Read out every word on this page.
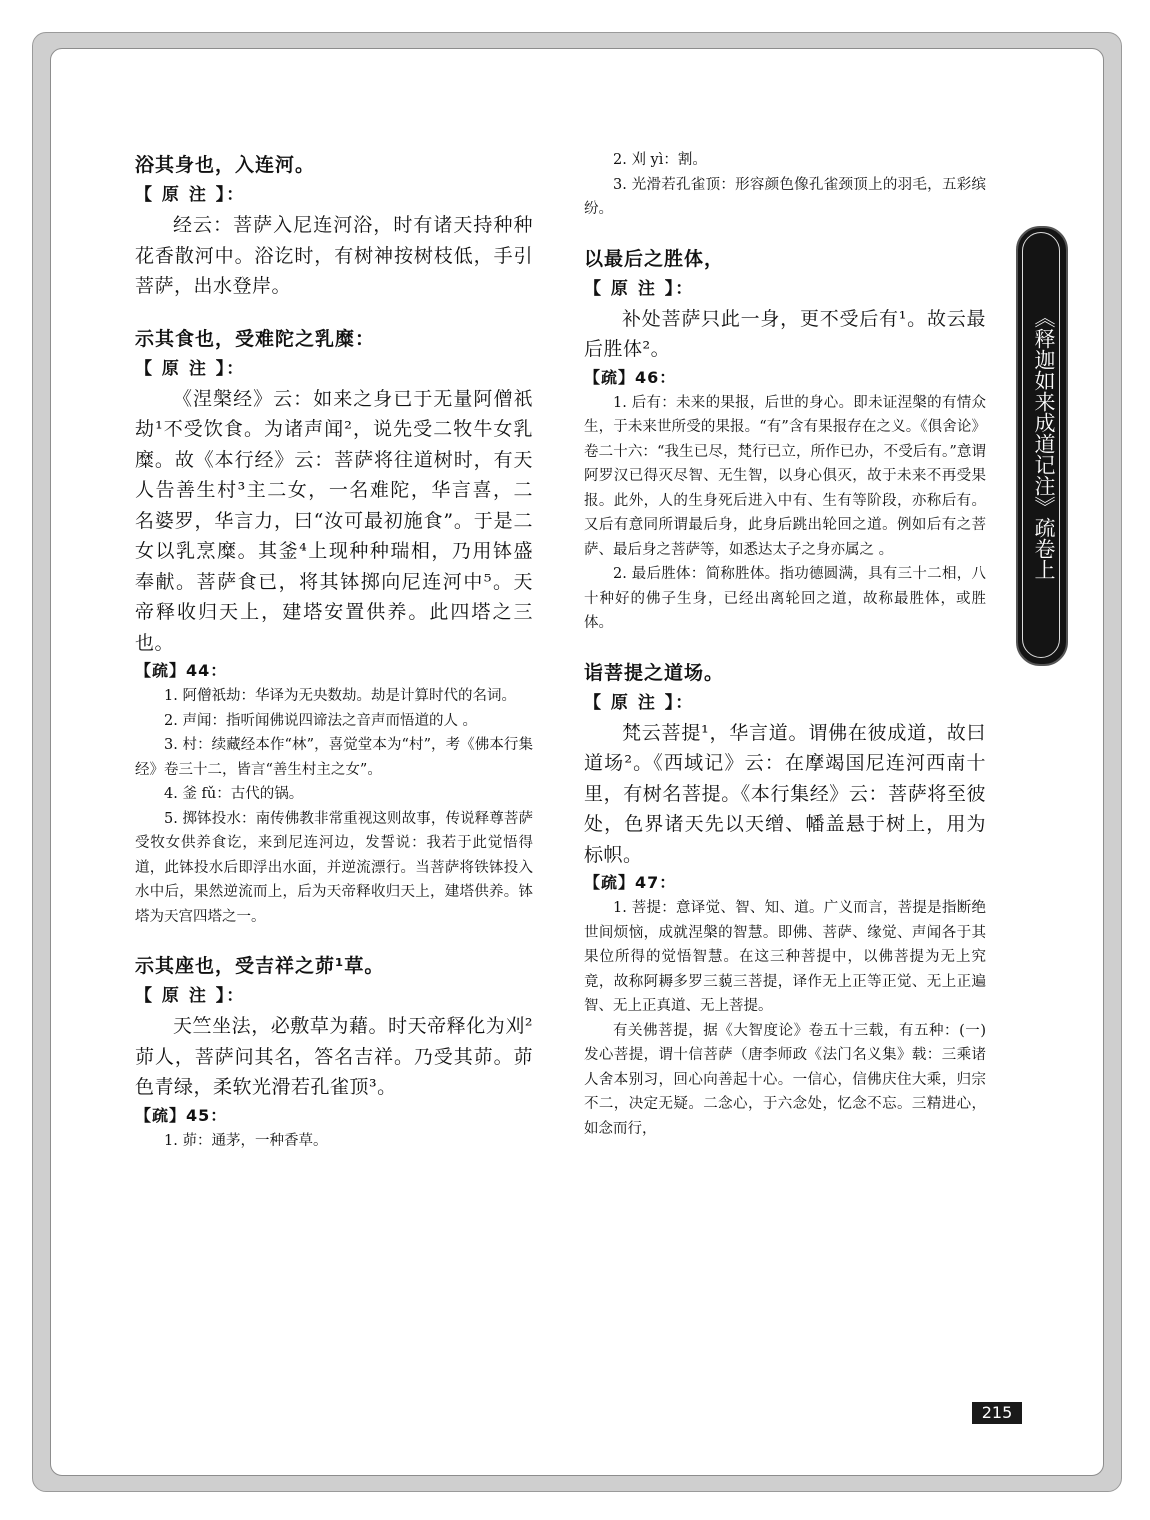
浴其身也，入连河。

【 原 注 】：

经云：菩萨入尼连河浴，时有诸天持种种花香散河中。浴讫时，有树神按树枝低，手引菩萨，出水登岸。

示其食也，受难陀之乳糜：

【 原 注 】：

《涅槃经》云：如来之身已于无量阿僧祇劫¹不受饮食。为诸声闻²，说先受二牧牛女乳糜。故《本行经》云：菩萨将往道树时，有天人告善生村³主二女，一名难陀，华言喜，二名婆罗，华言力，曰“汝可最初施食”。于是二女以乳烹糜。其釜⁴上现种种瑞相，乃用钵盛奉献。菩萨食已，将其钵掷向尼连河中⁵。天帝释收归天上，建塔安置供养。此四塔之三也。

【疏】44：

1. 阿僧祇劫：华译为无央数劫。劫是计算时代的名词。

2. 声闻：指听闻佛说四谛法之音声而悟道的人 。

3. 村：续藏经本作“林”，喜觉堂本为“村”，考《佛本行集经》卷三十二，皆言“善生村主之女”。

4. 釜 fǔ：古代的锅。

5. 掷钵投水：南传佛教非常重视这则故事，传说释尊菩萨受牧女供养食讫，来到尼连河边，发誓说：我若于此觉悟得道，此钵投水后即浮出水面，并逆流漂行。当菩萨将铁钵投入水中后，果然逆流而上，后为天帝释收归天上，建塔供养。钵塔为天宫四塔之一。

示其座也，受吉祥之茆¹草。

【 原 注 】：

天竺坐法，必敷草为藉。时天帝释化为刈²茆人，菩萨问其名，答名吉祥。乃受其茆。茆色青绿，柔软光滑若孔雀顶³。

【疏】45：

1. 茆：通茅，一种香草。

2. 刈 yì：割。

3. 光滑若孔雀顶：形容颜色像孔雀颈顶上的羽毛，五彩缤纷。

以最后之胜体，

【 原 注 】：

补处菩萨只此一身，更不受后有¹。故云最后胜体²。

【疏】46：

1. 后有：未来的果报，后世的身心。即未证涅槃的有情众生，于未来世所受的果报。“有”含有果报存在之义。《俱舍论》卷二十六：“我生已尽，梵行已立，所作已办，不受后有。”意谓阿罗汉已得灭尽智、无生智，以身心俱灭，故于未来不再受果报。此外，人的生身死后进入中有、生有等阶段，亦称后有。又后有意同所谓最后身，此身后跳出轮回之道。例如后有之菩萨、最后身之菩萨等，如悉达太子之身亦属之 。

2. 最后胜体：简称胜体。指功德圆满，具有三十二相，八十种好的佛子生身，已经出离轮回之道，故称最胜体，或胜体。

诣菩提之道场。

【 原 注 】：

梵云菩提¹，华言道。谓佛在彼成道，故曰道场²。《西域记》云：在摩竭国尼连河西南十里，有树名菩提。《本行集经》云：菩萨将至彼处，色界诸天先以天缯、幡盖悬于树上，用为标帜。

【疏】47：

1. 菩提：意译觉、智、知、道。广义而言，菩提是指断绝世间烦恼，成就涅槃的智慧。即佛、菩萨、缘觉、声闻各于其果位所得的觉悟智慧。在这三种菩提中，以佛菩提为无上究竟，故称阿耨多罗三藐三菩提，译作无上正等正觉、无上正遍智、无上正真道、无上菩提。

有关佛菩提，据《大智度论》卷五十三载，有五种：(一)发心菩提，谓十信菩萨（唐李师政《法门名义集》载：三乘诸人舍本别习，回心向善起十心。一信心，信佛庆住大乘，归宗不二，决定无疑。二念心，于六念处，忆念不忘。三精进心，如念而行，

《释迦如来成道记注》疏卷上
215
